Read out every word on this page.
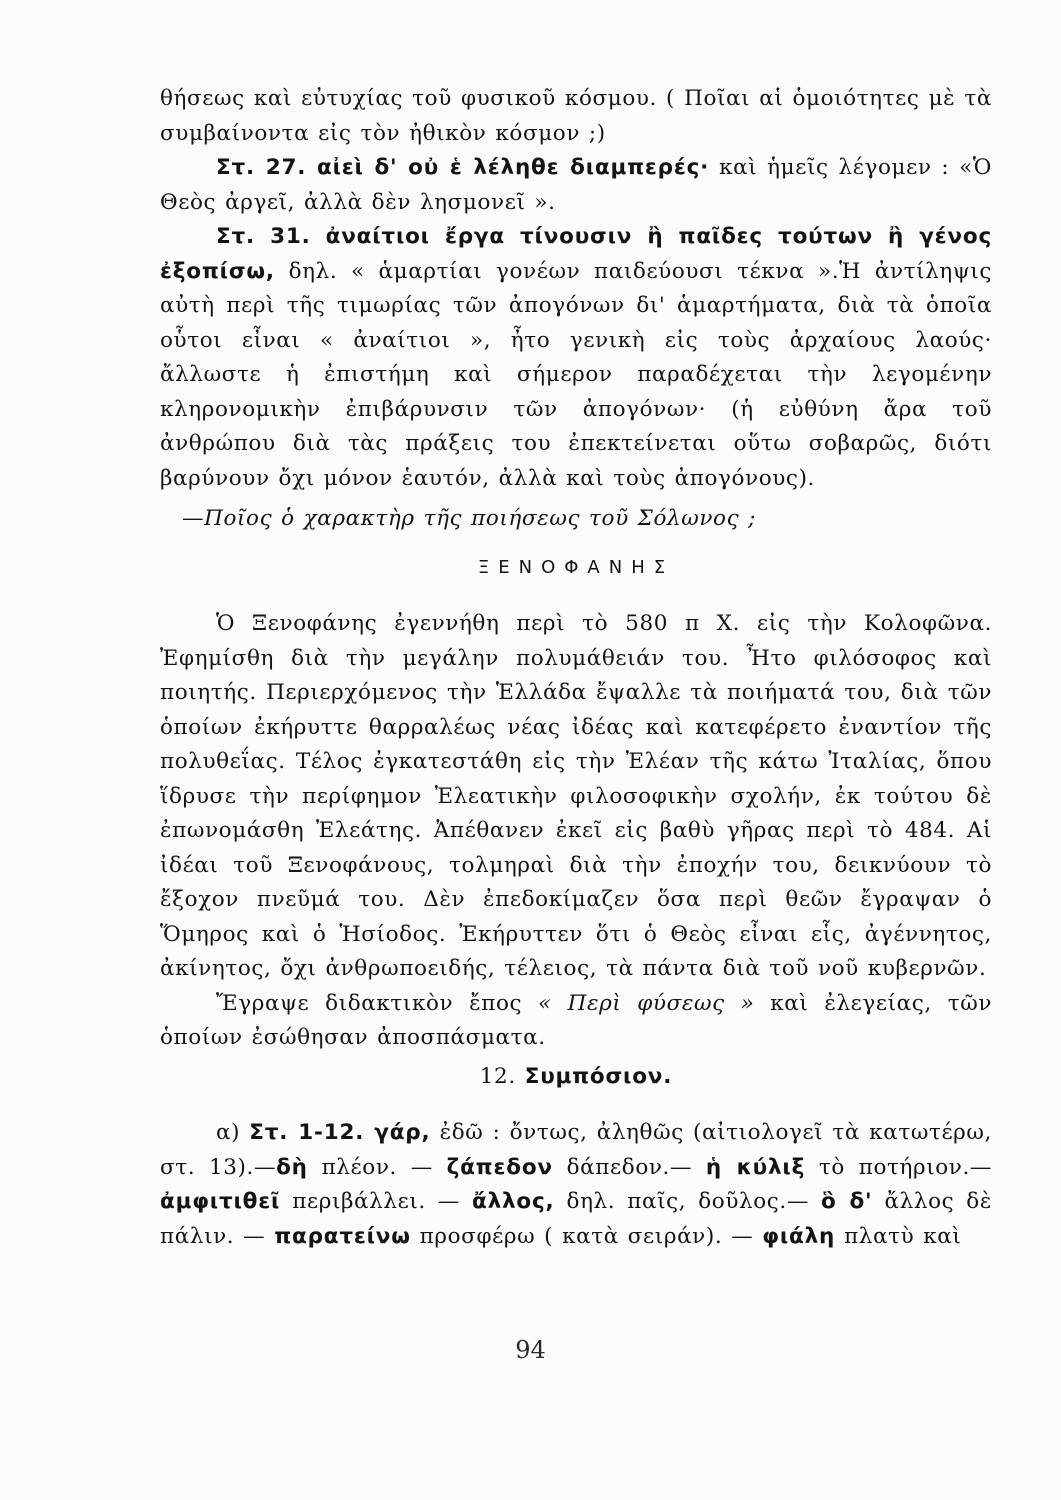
θήσεως καὶ εὐτυχίας τοῦ φυσικοῦ κόσμου. ( Ποῖαι αἱ ὁμοιότητες μὲ τὰ συμβαίνοντα εἰς τὸν ἠθικὸν κόσμον ;)

Στ. 27. αἰεὶ δ' οὐ ἑ λέληθε διαμπερές· καὶ ἡμεῖς λέγομεν : «Ὁ Θεὸς ἀργεῖ, ἀλλὰ δὲν λησμονεῖ ».

Στ. 31. ἀναίτιοι ἔργα τίνουσιν ἢ παῖδες τούτων ἢ γένος ἐξοπίσω, δηλ. « ἁμαρτίαι γονέων παιδεύουσι τέκνα ».Ἡ ἀντίληψις αὐτὴ περὶ τῆς τιμωρίας τῶν ἀπογόνων δι' ἁμαρτήματα, διὰ τὰ ὁποῖα οὗτοι εἶναι « ἀναίτιοι », ἦτο γενικὴ εἰς τοὺς ἀρχαίους λαούς· ἄλλωστε ἡ ἐπιστήμη καὶ σήμερον παραδέχεται τὴν λεγομένην κληρονομικὴν ἐπιβάρυνσιν τῶν ἀπογόνων· (ἡ εὐθύνη ἄρα τοῦ ἀνθρώπου διὰ τὰς πράξεις του ἐπεκτείνεται οὕτω σοβαρῶς, διότι βαρύνουν ὄχι μόνον ἑαυτόν, ἀλλὰ καὶ τοὺς ἀπογόνους).

—Ποῖος ὁ χαρακτὴρ τῆς ποιήσεως τοῦ Σόλωνος ;

ΞΕΝΟΦΑΝΗΣ

Ὁ Ξενοφάνης ἐγεννήθη περὶ τὸ 580 π Χ. εἰς τὴν Κολοφῶνα. Ἐφημίσθη διὰ τὴν μεγάλην πολυμάθειάν του. Ἦτο φιλόσοφος καὶ ποιητής. Περιερχόμενος τὴν Ἑλλάδα ἔψαλλε τὰ ποιήματά του, διὰ τῶν ὁποίων ἐκήρυττε θαρραλέως νέας ἰδέας καὶ κατεφέρετο ἐναντίον τῆς πολυθεΐας. Τέλος ἐγκατεστάθη εἰς τὴν Ἐλέαν τῆς κάτω Ἰταλίας, ὅπου ἵδρυσε τὴν περίφημον Ἐλεατικὴν φιλοσοφικὴν σχολήν, ἐκ τούτου δὲ ἐπωνομάσθη Ἐλεάτης. Ἀπέθανεν ἐκεῖ εἰς βαθὺ γῆρας περὶ τὸ 484. Αἱ ἰδέαι τοῦ Ξενοφάνους, τολμηραὶ διὰ τὴν ἐποχήν του, δεικνύουν τὸ ἔξοχον πνεῦμά του. Δὲν ἐπεδοκίμαζεν ὅσα περὶ θεῶν ἔγραψαν ὁ Ὅμηρος καὶ ὁ Ἡσίοδος. Ἐκήρυττεν ὅτι ὁ Θεὸς εἶναι εἷς, ἀγέννητος, ἀκίνητος, ὄχι ἀνθρωποειδής, τέλειος, τὰ πάντα διὰ τοῦ νοῦ κυβερνῶν.

Ἔγραψε διδακτικὸν ἔπος « Περὶ φύσεως » καὶ ἐλεγείας, τῶν ὁποίων ἐσώθησαν ἀποσπάσματα.

12. Συμπόσιον.

α) Στ. 1-12. γάρ, ἐδῶ : ὄντως, ἀληθῶς (αἰτιολογεῖ τὰ κατωτέρω, στ. 13).—δὴ πλέον. — ζάπεδον δάπεδον.— ἡ κύλιξ τὸ ποτήριον.— ἀμφιτιθεῖ περιβάλλει. — ἄλλος, δηλ. παῖς, δοῦλος.— ὃ δ' ἄλλος δὲ πάλιν. — παρατείνω προσφέρω ( κατὰ σειράν). — φιάλη πλατὺ καὶ

94
